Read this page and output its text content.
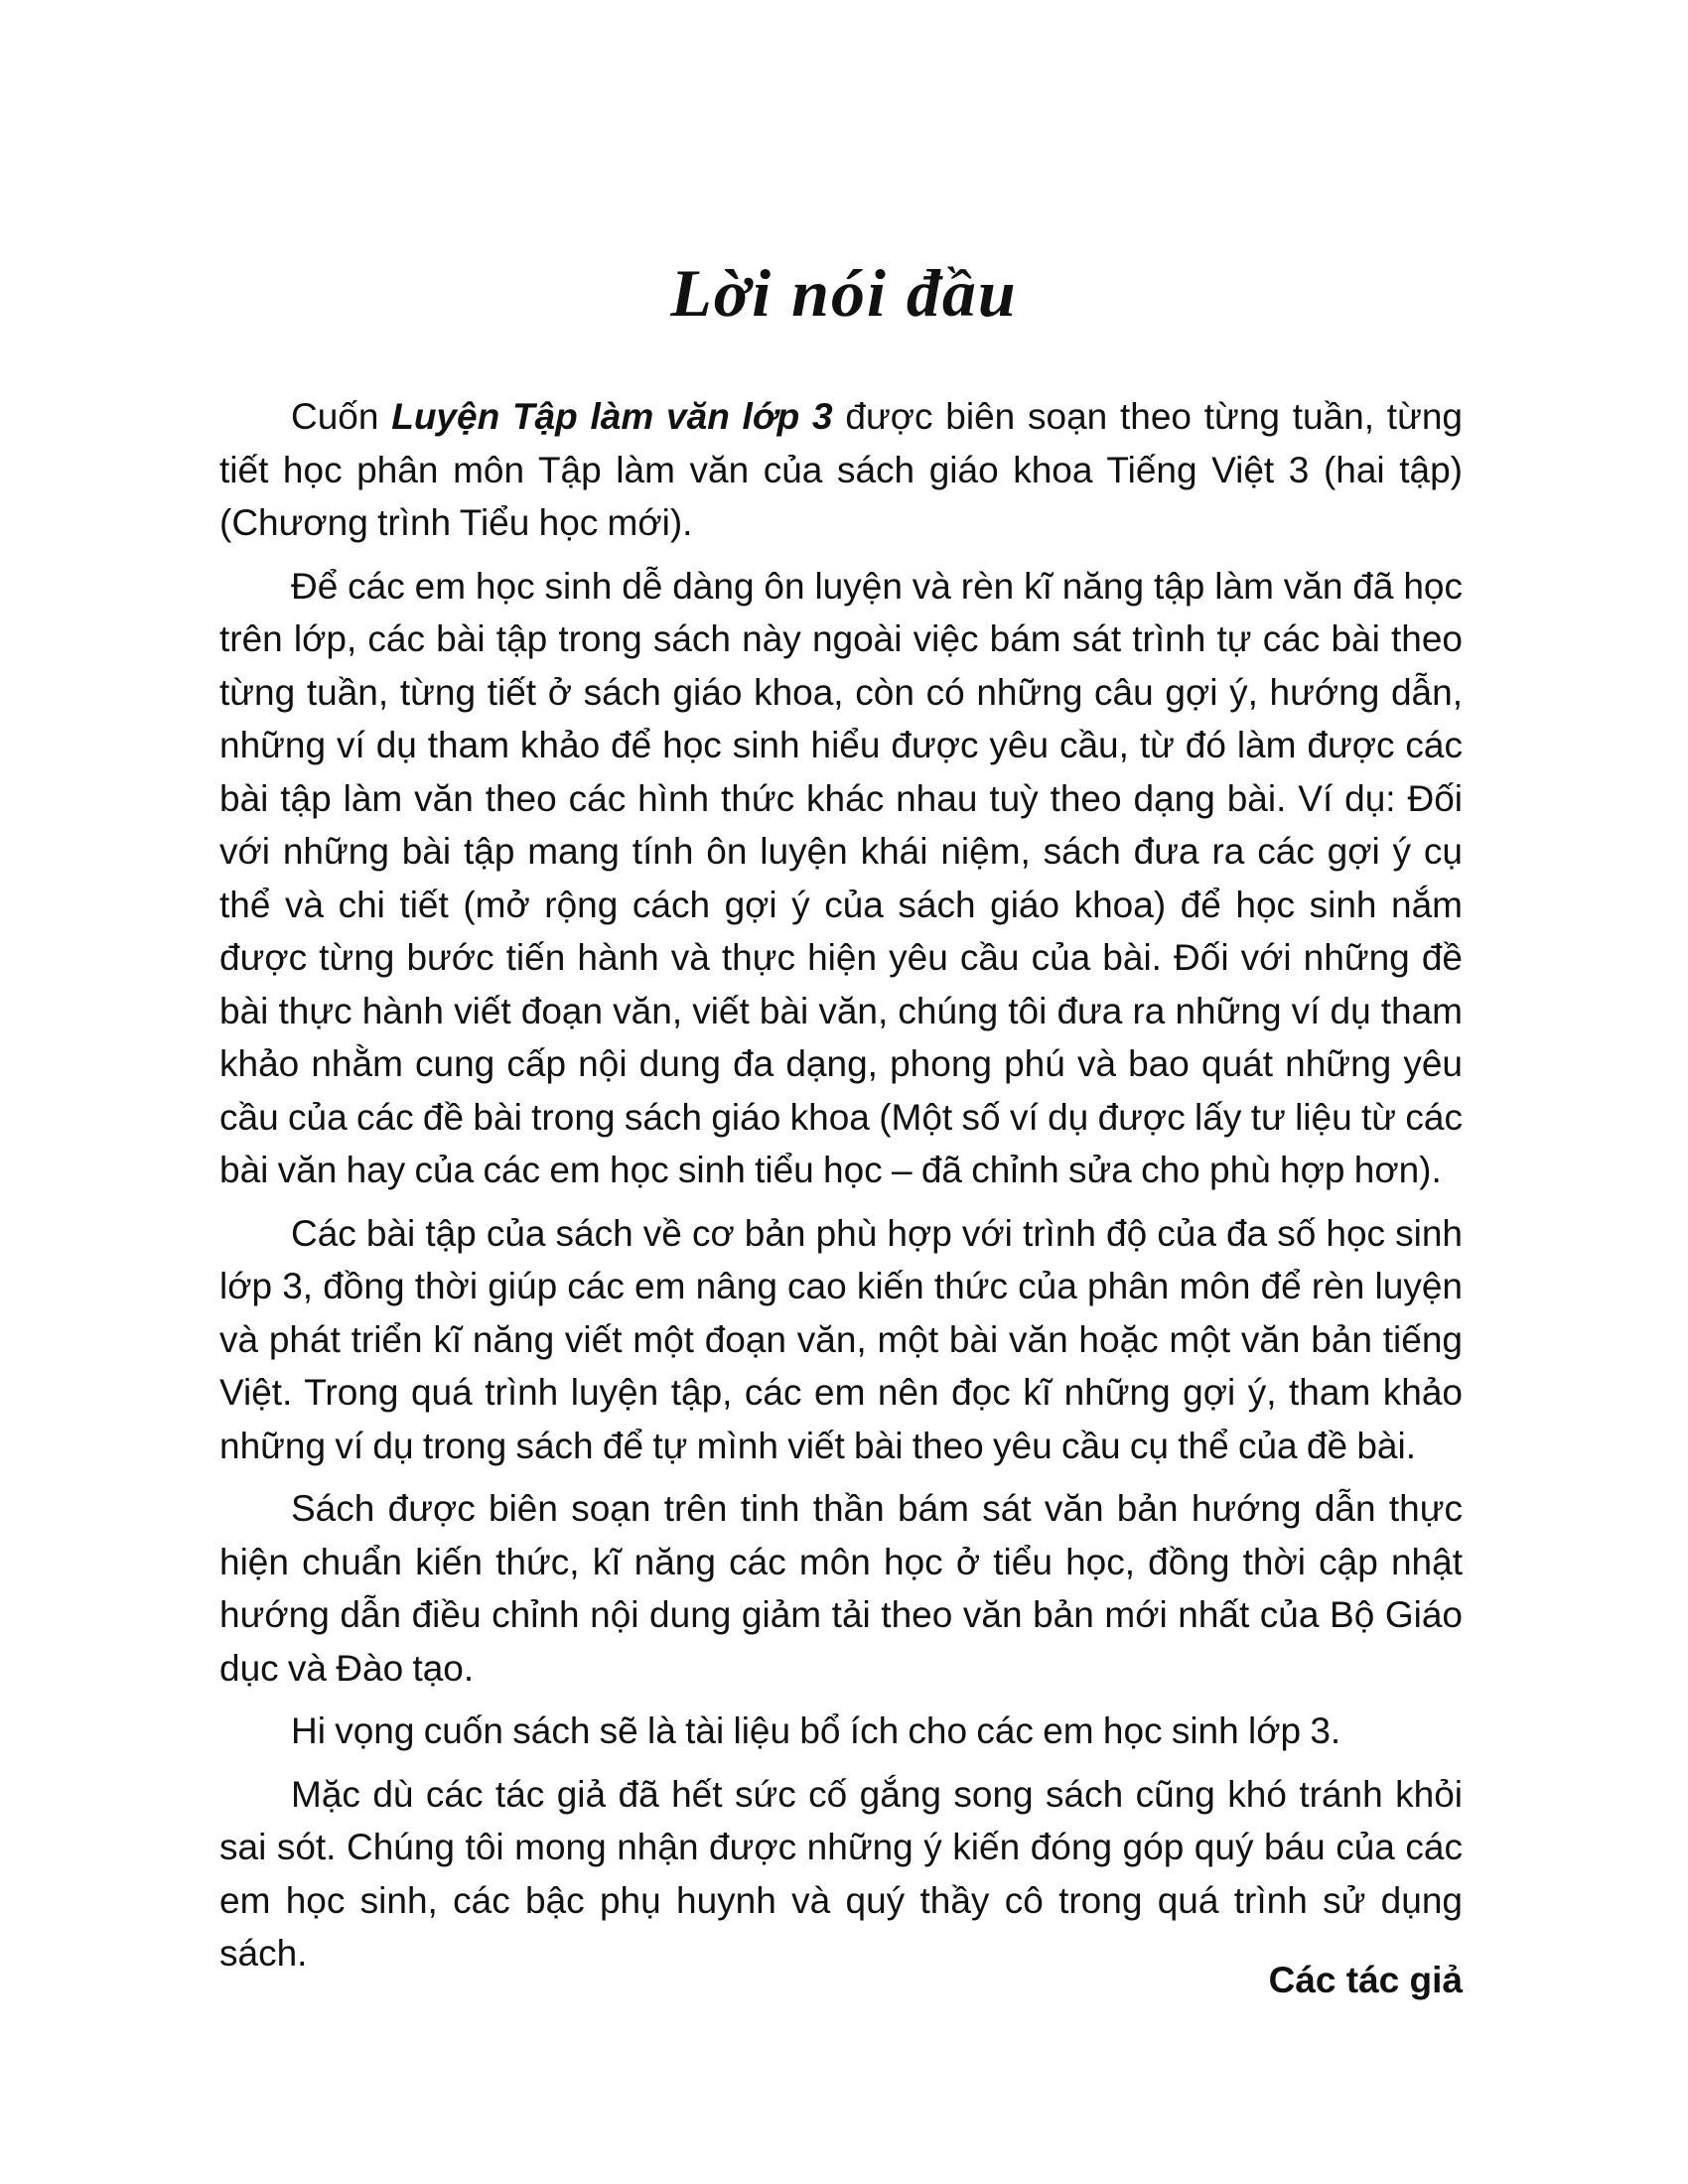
Lời nói đầu

Cuốn Luyện Tập làm văn lớp 3 được biên soạn theo từng tuần, từng tiết học phân môn Tập làm văn của sách giáo khoa Tiếng Việt 3 (hai tập) (Chương trình Tiểu học mới).

Để các em học sinh dễ dàng ôn luyện và rèn kĩ năng tập làm văn đã học trên lớp, các bài tập trong sách này ngoài việc bám sát trình tự các bài theo từng tuần, từng tiết ở sách giáo khoa, còn có những câu gợi ý, hướng dẫn, những ví dụ tham khảo để học sinh hiểu được yêu cầu, từ đó làm được các bài tập làm văn theo các hình thức khác nhau tuỳ theo dạng bài. Ví dụ: Đối với những bài tập mang tính ôn luyện khái niệm, sách đưa ra các gợi ý cụ thể và chi tiết (mở rộng cách gợi ý của sách giáo khoa) để học sinh nắm được từng bước tiến hành và thực hiện yêu cầu của bài. Đối với những đề bài thực hành viết đoạn văn, viết bài văn, chúng tôi đưa ra những ví dụ tham khảo nhằm cung cấp nội dung đa dạng, phong phú và bao quát những yêu cầu của các đề bài trong sách giáo khoa (Một số ví dụ được lấy tư liệu từ các bài văn hay của các em học sinh tiểu học – đã chỉnh sửa cho phù hợp hơn).

Các bài tập của sách về cơ bản phù hợp với trình độ của đa số học sinh lớp 3, đồng thời giúp các em nâng cao kiến thức của phân môn để rèn luyện và phát triển kĩ năng viết một đoạn văn, một bài văn hoặc một văn bản tiếng Việt. Trong quá trình luyện tập, các em nên đọc kĩ những gợi ý, tham khảo những ví dụ trong sách để tự mình viết bài theo yêu cầu cụ thể của đề bài.

Sách được biên soạn trên tinh thần bám sát văn bản hướng dẫn thực hiện chuẩn kiến thức, kĩ năng các môn học ở tiểu học, đồng thời cập nhật hướng dẫn điều chỉnh nội dung giảm tải theo văn bản mới nhất của Bộ Giáo dục và Đào tạo.

Hi vọng cuốn sách sẽ là tài liệu bổ ích cho các em học sinh lớp 3.

Mặc dù các tác giả đã hết sức cố gắng song sách cũng khó tránh khỏi sai sót. Chúng tôi mong nhận được những ý kiến đóng góp quý báu của các em học sinh, các bậc phụ huynh và quý thầy cô trong quá trình sử dụng sách.

Các tác giả
